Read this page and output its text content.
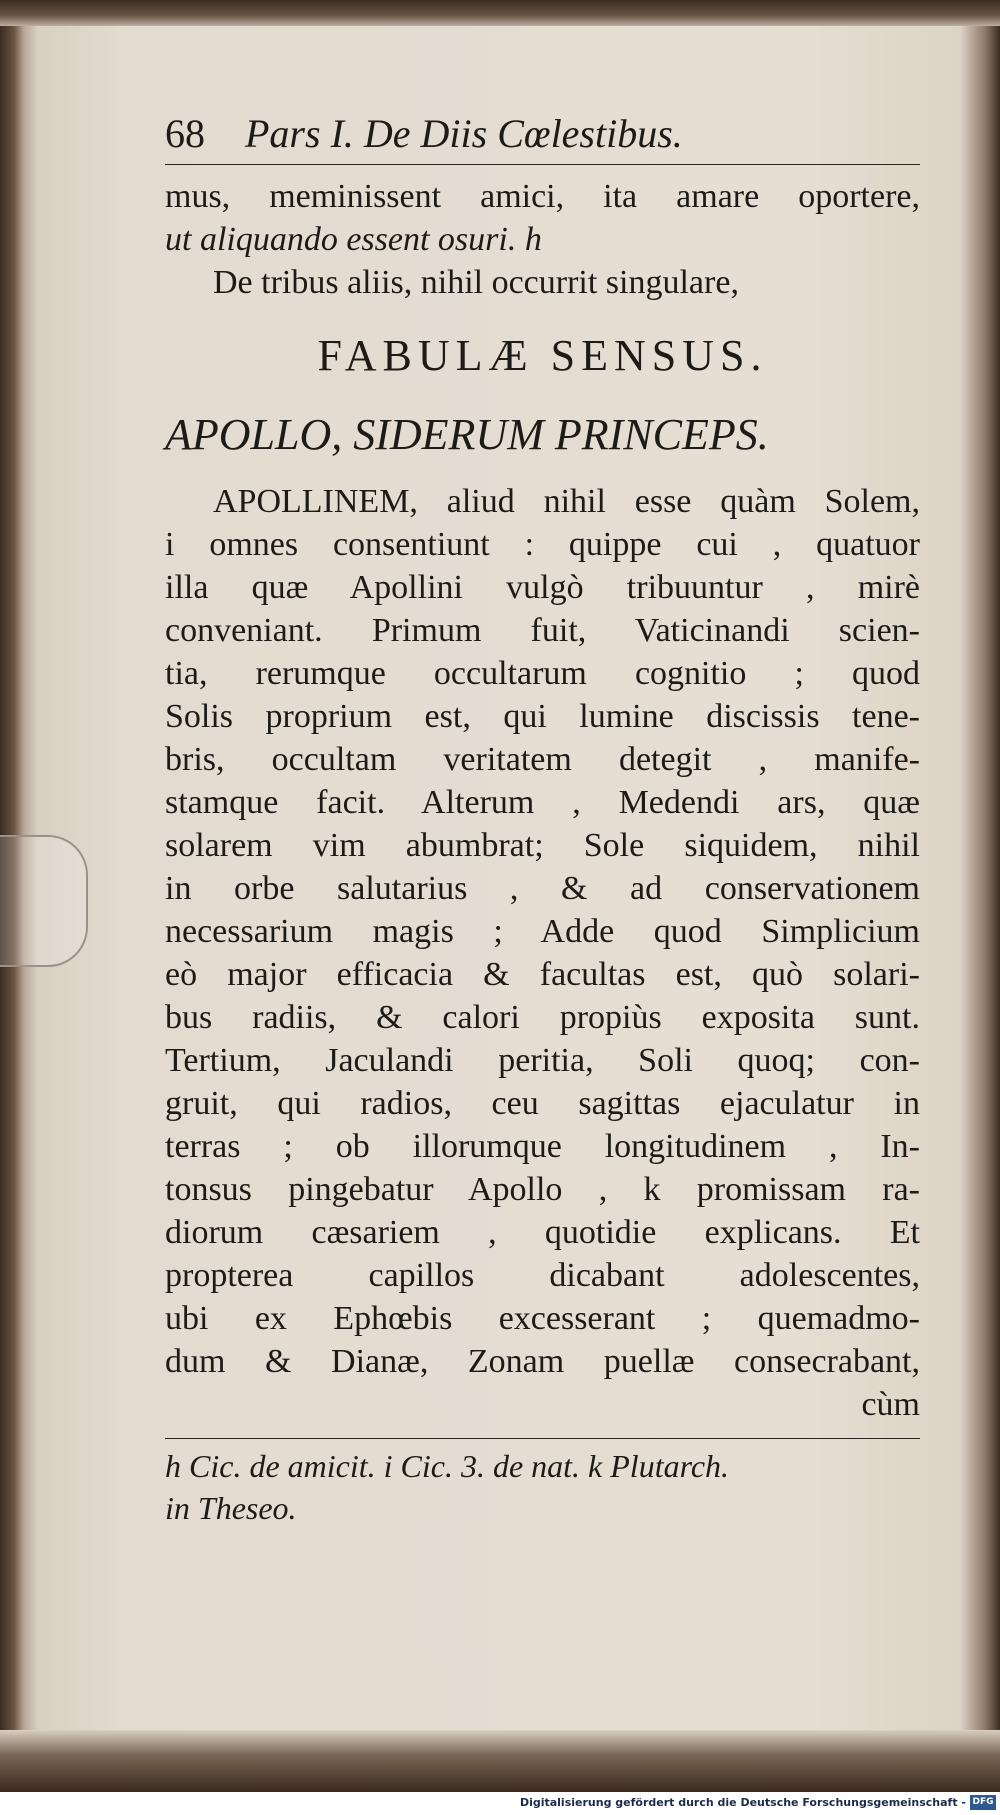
68 Pars I. De Diis Cœlestibus.
mus, meminissent amici, ita amare oportere,
ut aliquando essent osuri. h
De tribus aliis, nihil occurrit singulare,
FABULÆ SENSUS.
APOLLO, SIDERUM PRINCEPS.
APOLLINEM, aliud nihil esse quàm Solem,
i omnes consentiunt : quippe cui , quatuor
illa quæ Apollini vulgò tribuuntur , mirè
conveniant. Primum fuit, Vaticinandi scien-
tia, rerumque occultarum cognitio ; quod
Solis proprium est, qui lumine discissis tene-
bris, occultam veritatem detegit , manife-
stamque facit. Alterum , Medendi ars, quæ
solarem vim abumbrat; Sole siquidem, nihil
in orbe salutarius , & ad conservationem
necessarium magis ; Adde quod Simplicium
eò major efficacia & facultas est, quò solari-
bus radiis, & calori propiùs exposita sunt.
Tertium, Jaculandi peritia, Soli quoq; con-
gruit, qui radios, ceu sagittas ejaculatur in
terras ; ob illorumque longitudinem , In-
tonsus pingebatur Apollo , k promissam ra-
diorum cæsariem , quotidie explicans. Et
propterea capillos dicabant adolescentes,
ubi ex Ephœbis excesserant ; quemadmo-
dum & Dianæ, Zonam puellæ consecrabant,
cùm
h Cic. de amicit. i Cic. 3. de nat. k Plutarch.
in Theseo.
Digitalisierung gefördert durch die Deutsche Forschungsgemeinschaft - DFG
